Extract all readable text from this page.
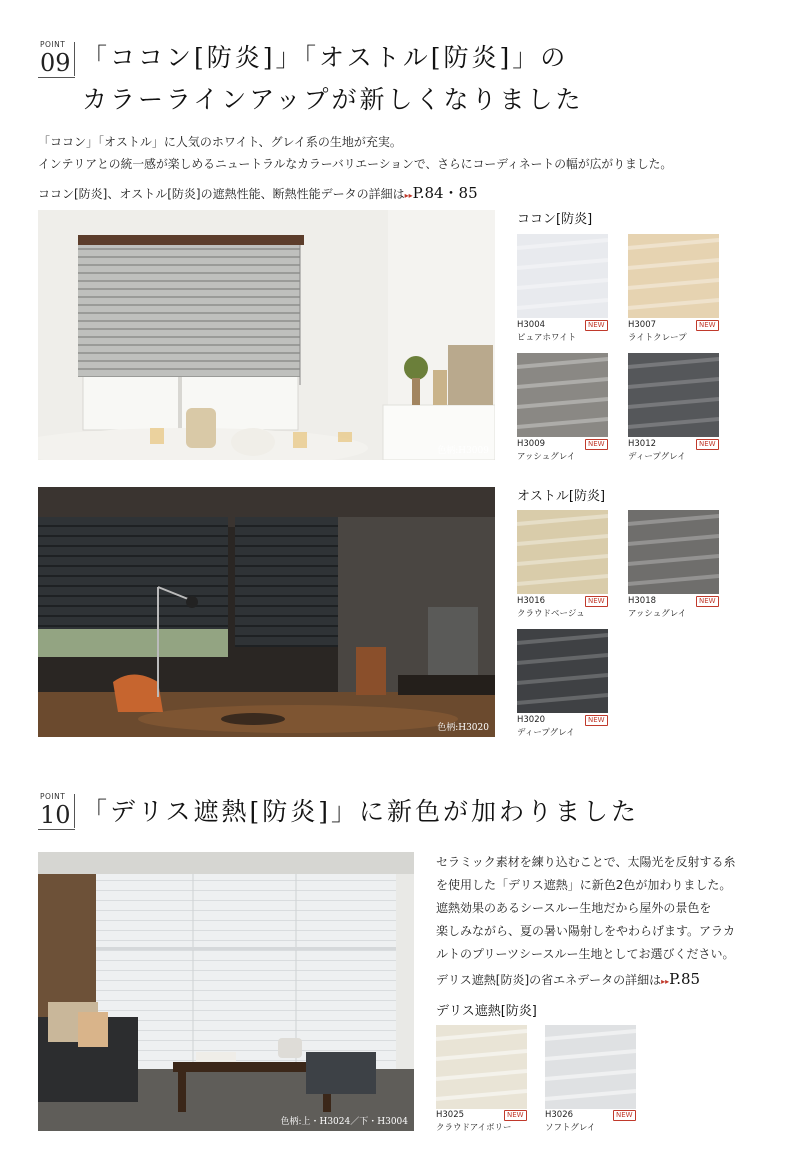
POINT
09 「ココン[防炎]」「オストル[防炎]」の
カラーラインアップが新しくなりました
「ココン」「オストル」に人気のホワイト、グレイ系の生地が充実。
インテリアとの統一感が楽しめるニュートラルなカラーバリエーションで、さらにコーディネートの幅が広がりました。
ココン[防炎]、オストル[防炎]の遮熱性能、断熱性能データの詳細は▸▸P.84・85
色柄:H3009
ココン[防炎]
H3004
ピュアホワイト
NEW	H3007
ライトクレープ
NEW
H3009
アッシュグレイ
NEW	H3012
ディープグレイ
NEW
色柄:H3020
オストル[防炎]
H3016
クラウドベージュ
NEW	H3018
アッシュグレイ
NEW
H3020
ディープグレイ
NEW
POINT
10 「デリス遮熱[防炎]」に新色が加わりました
色柄:上・H3024／下・H3004
セラミック素材を練り込むことで、太陽光を反射する糸
を使用した「デリス遮熱」に新色2色が加わりました。
遮熱効果のあるシースルー生地だから屋外の景色を
楽しみながら、夏の暑い陽射しをやわらげます。アラカ
ルトのプリーツシースルー生地としてお選びください。
デリス遮熱[防炎]の省エネデータの詳細は▸▸P.85
デリス遮熱[防炎]
H3025
クラウドアイボリー
NEW	H3026
ソフトグレイ
NEW
